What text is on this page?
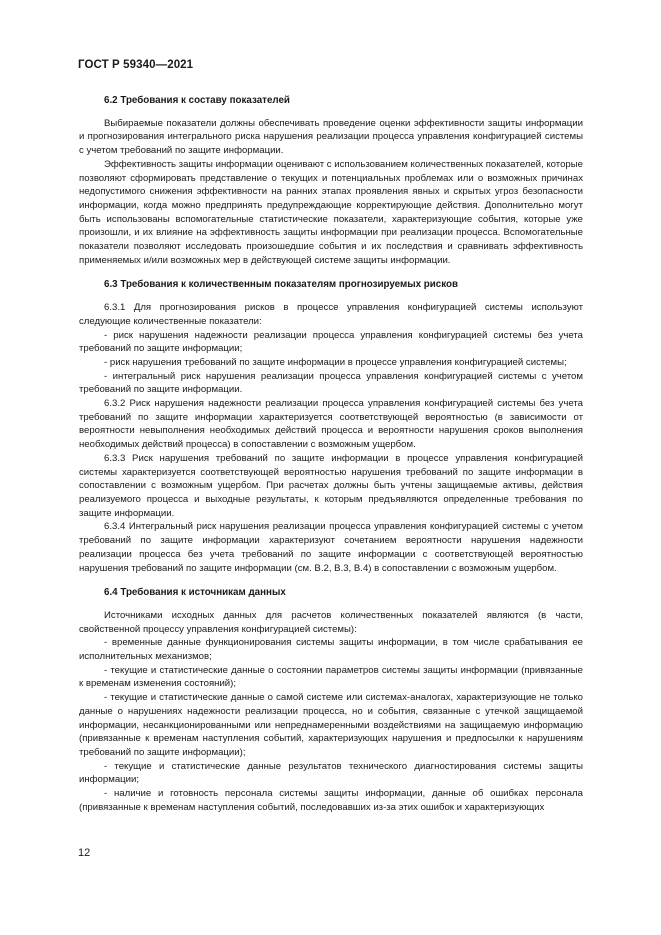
ГОСТ Р 59340—2021
6.2 Требования к составу показателей

Выбираемые показатели должны обеспечивать проведение оценки эффективности защиты информации и прогнозирования интегрального риска нарушения реализации процесса управления конфигурацией системы с учетом требований по защите информации.

Эффективность защиты информации оценивают с использованием количественных показателей, которые позволяют сформировать представление о текущих и потенциальных проблемах или о возможных причинах недопустимого снижения эффективности на ранних этапах проявления явных и скрытых угроз безопасности информации, когда можно предпринять предупреждающие корректирующие действия. Дополнительно могут быть использованы вспомогательные статистические показатели, характеризующие события, которые уже произошли, и их влияние на эффективность защиты информации при реализации процесса. Вспомогательные показатели позволяют исследовать произошедшие события и их последствия и сравнивать эффективность применяемых и/или возможных мер в действующей системе защиты информации.

6.3 Требования к количественным показателям прогнозируемых рисков

6.3.1 Для прогнозирования рисков в процессе управления конфигурацией системы используют следующие количественные показатели:

- риск нарушения надежности реализации процесса управления конфигурацией системы без учета требований по защите информации;

- риск нарушения требований по защите информации в процессе управления конфигурацией системы;

- интегральный риск нарушения реализации процесса управления конфигурацией системы с учетом требований по защите информации.

6.3.2 Риск нарушения надежности реализации процесса управления конфигурацией системы без учета требований по защите информации характеризуется соответствующей вероятностью (в зависимости от вероятности невыполнения необходимых действий процесса и вероятности нарушения сроков выполнения необходимых действий процесса) в сопоставлении с возможным ущербом.

6.3.3 Риск нарушения требований по защите информации в процессе управления конфигурацией системы характеризуется соответствующей вероятностью нарушения требований по защите информации в сопоставлении с возможным ущербом. При расчетах должны быть учтены защищаемые активы, действия реализуемого процесса и выходные результаты, к которым предъявляются определенные требования по защите информации.

6.3.4 Интегральный риск нарушения реализации процесса управления конфигурацией системы с учетом требований по защите информации характеризуют сочетанием вероятности нарушения надежности реализации процесса без учета требований по защите информации с соответствующей вероятностью нарушения требований по защите информации (см. В.2, В.3, В.4) в сопоставлении с возможным ущербом.

6.4 Требования к источникам данных

Источниками исходных данных для расчетов количественных показателей являются (в части, свойственной процессу управления конфигурацией системы):

- временные данные функционирования системы защиты информации, в том числе срабатывания ее исполнительных механизмов;

- текущие и статистические данные о состоянии параметров системы защиты информации (привязанные к временам изменения состояний);

- текущие и статистические данные о самой системе или системах-аналогах, характеризующие не только данные о нарушениях надежности реализации процесса, но и события, связанные с утечкой защищаемой информации, несанкционированными или непреднамеренными воздействиями на защищаемую информацию (привязанные к временам наступления событий, характеризующих нарушения и предпосылки к нарушениям требований по защите информации);

- текущие и статистические данные результатов технического диагностирования системы защиты информации;

- наличие и готовность персонала системы защиты информации, данные об ошибках персонала (привязанные к временам наступления событий, последовавших из-за этих ошибок и характеризующих

12
